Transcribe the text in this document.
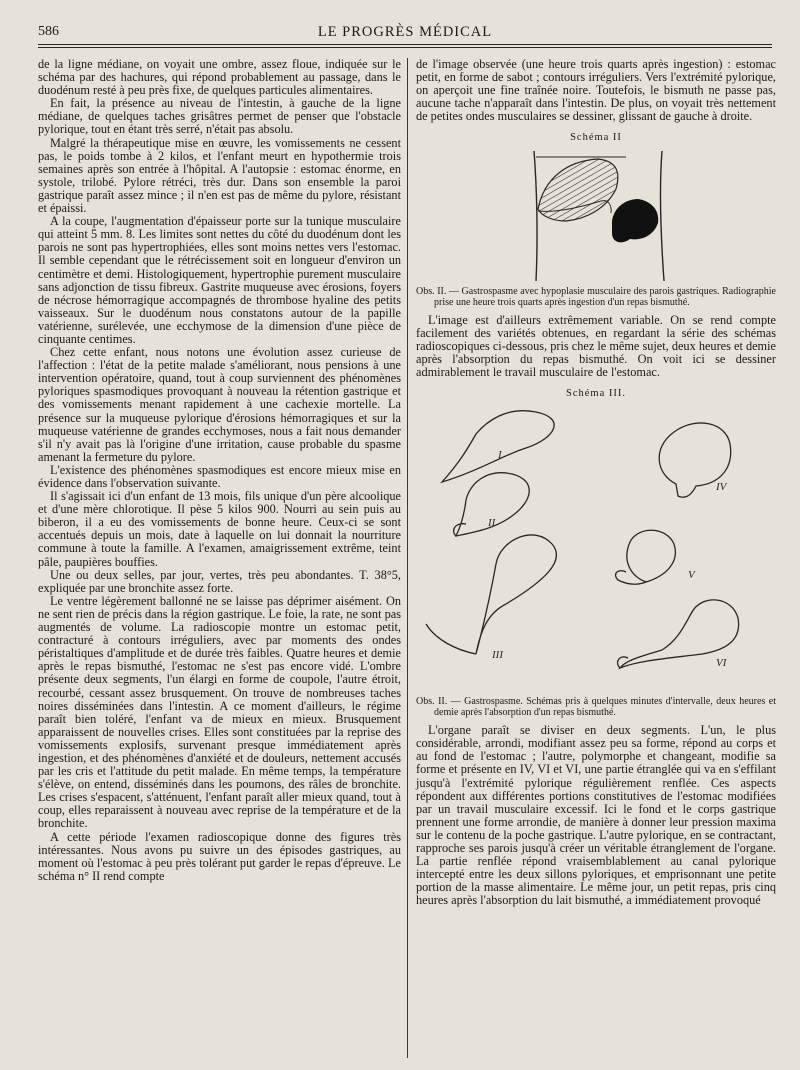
586	LE PROGRÈS MÉDICAL

de la ligne médiane, on voyait une ombre, assez floue, indiquée sur le schéma par des hachures, qui répond probablement au passage, dans le duodénum resté à peu près fixe, de quelques particules alimentaires.

En fait, la présence au niveau de l'intestin, à gauche de la ligne médiane, de quelques taches grisâtres permet de penser que l'obstacle pylorique, tout en étant très serré, n'était pas absolu.

Malgré la thérapeutique mise en œuvre, les vomissements ne cessent pas, le poids tombe à 2 kilos, et l'enfant meurt en hypothermie trois semaines après son entrée à l'hôpital. A l'autopsie : estomac énorme, en systole, trilobé. Pylore rétréci, très dur. Dans son ensemble la paroi gastrique paraît assez mince ; il n'en est pas de même du pylore, résistant et épaissi.

A la coupe, l'augmentation d'épaisseur porte sur la tunique musculaire qui atteint 5 mm. 8. Les limites sont nettes du côté du duodénum dont les parois ne sont pas hypertrophiées, elles sont moins nettes vers l'estomac. Il semble cependant que le rétrécissement soit en longueur d'environ un centimètre et demi. Histologiquement, hypertrophie purement musculaire sans adjonction de tissu fibreux. Gastrite muqueuse avec érosions, foyers de nécrose hémorragique accompagnés de thrombose hyaline des petits vaisseaux. Sur le duodénum nous constatons autour de la papille vatérienne, surélevée, une ecchymose de la dimension d'une pièce de cinquante centimes.

Chez cette enfant, nous notons une évolution assez curieuse de l'affection : l'état de la petite malade s'améliorant, nous pensions à une intervention opératoire, quand, tout à coup surviennent des phénomènes pyloriques spasmodiques provoquant à nouveau la rétention gastrique et des vomissements menant rapidement à une cachexie mortelle. La présence sur la muqueuse pylorique d'érosions hémorragiques et sur la muqueuse vatérienne de grandes ecchymoses, nous a fait nous demander s'il n'y avait pas là l'origine d'une irritation, cause probable du spasme amenant la fermeture du pylore.

L'existence des phénomènes spasmodiques est encore mieux mise en évidence dans l'observation suivante.

Il s'agissait ici d'un enfant de 13 mois, fils unique d'un père alcoolique et d'une mère chlorotique. Il pèse 5 kilos 900. Nourri au sein puis au biberon, il a eu des vomissements de bonne heure. Ceux-ci se sont accentués depuis un mois, date à laquelle on lui donnait la nourriture commune à toute la famille. A l'examen, amaigrissement extrême, teint pâle, paupières bouffies.

Une ou deux selles, par jour, vertes, très peu abondantes. T. 38°5, expliquée par une bronchite assez forte.

Le ventre légèrement ballonné ne se laisse pas déprimer aisément. On ne sent rien de précis dans la région gastrique. Le foie, la rate, ne sont pas augmentés de volume. La radioscopie montre un estomac petit, contracturé à contours irréguliers, avec par moments des ondes péristaltiques d'amplitude et de durée très faibles. Quatre heures et demie après le repas bismuthé, l'estomac ne s'est pas encore vidé. L'ombre présente deux segments, l'un élargi en forme de coupole, l'autre étroit, recourbé, cessant assez brusquement. On trouve de nombreuses taches noires disséminées dans l'intestin. A ce moment d'ailleurs, le régime paraît bien toléré, l'enfant va de mieux en mieux. Brusquement apparaissent de nouvelles crises. Elles sont constituées par la reprise des vomissements explosifs, survenant presque immédiatement après ingestion, et des phénomènes d'anxiété et de douleurs, nettement accusés par les cris et l'attitude du petit malade. En même temps, la température s'élève, on entend, disséminés dans les poumons, des râles de bronchite. Les crises s'espacent, s'atténuent, l'enfant paraît aller mieux quand, tout à coup, elles reparaissent à nouveau avec reprise de la température et de la bronchite.

A cette période l'examen radioscopique donne des figures très intéressantes. Nous avons pu suivre un des épisodes gastriques, au moment où l'estomac à peu près tolérant put garder le repas d'épreuve. Le schéma n° II rend compte

de l'image observée (une heure trois quarts après ingestion) : estomac petit, en forme de sabot ; contours irréguliers. Vers l'extrémité pylorique, on aperçoit une fine traînée noire. Toutefois, le bismuth ne passe pas, aucune tache n'apparaît dans l'intestin. De plus, on voyait très nettement de petites ondes musculaires se dessiner, glissant de gauche à droite.

Schéma II
Obs. II. — Gastrospasme avec hypoplasie musculaire des parois gastriques. Radiographie prise une heure trois quarts après ingestion d'un repas bismuthé.

L'image est d'ailleurs extrêmement variable. On se rend compte facilement des variétés obtenues, en regardant la série des schémas radioscopiques ci-dessous, pris chez le même sujet, deux heures et demie après l'absorption du repas bismuthé. On voit ici se dessiner admirablement le travail musculaire de l'estomac.

Schéma III.
I
II
III
IV
V
VI
Obs. II. — Gastrospasme. Schémas pris à quelques minutes d'intervalle, deux heures et demie après l'absorption d'un repas bismuthé.

L'organe paraît se diviser en deux segments. L'un, le plus considérable, arrondi, modifiant assez peu sa forme, répond au corps et au fond de l'estomac ; l'autre, polymorphe et changeant, modifie sa forme et présente en IV, VI et VI, une partie étranglée qui va en s'effilant jusqu'à l'extrémité pylorique régulièrement renflée. Ces aspects répondent aux différentes portions constitutives de l'estomac modifiées par un travail musculaire excessif. Ici le fond et le corps gastrique prennent une forme arrondie, de manière à donner leur pression maxima sur le contenu de la poche gastrique. L'autre pylorique, en se contractant, rapproche ses parois jusqu'à créer un véritable étranglement de l'organe. La partie renflée répond vraisemblablement au canal pylorique intercepté entre les deux sillons pyloriques, et emprisonnant une petite portion de la masse alimentaire. Le même jour, un petit repas, pris cinq heures après l'absorption du lait bismuthé, a immédiatement provoqué
